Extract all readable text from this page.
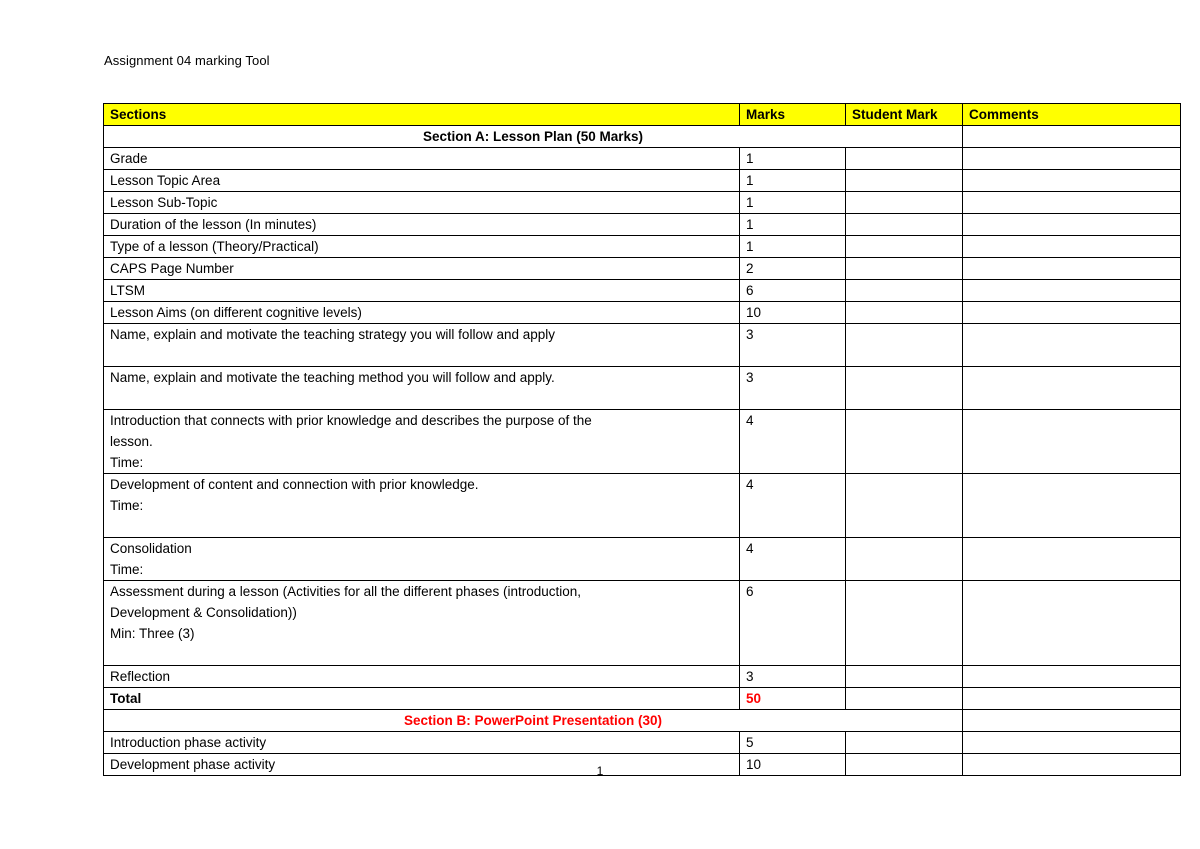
Assignment 04 marking Tool
Sections	Marks	Student Mark	Comments
Section A: Lesson Plan (50 Marks)			

Grade	1		

Lesson Topic Area	1		

Lesson Sub-Topic	1		

Duration of the lesson (In minutes)	1		

Type of a lesson (Theory/Practical)	1		

CAPS Page Number	2		

LTSM	6		

Lesson Aims (on different cognitive levels)	10		

Name, explain and motivate the teaching strategy you will follow and apply	3		

Name, explain and motivate the teaching method you will follow and apply.	3		

Introduction that connects with prior knowledge and describes the purpose of the
lesson.
Time:	4		

Development of content and connection with prior knowledge.
Time:	4		

Consolidation
Time:	4		

Assessment during a lesson (Activities for all the different phases (introduction,
Development & Consolidation))
Min: Three (3)	6		

Reflection	3		
Total	50		
Section B: PowerPoint Presentation (30)			

Introduction phase activity	5		

Development phase activity	10		
1
